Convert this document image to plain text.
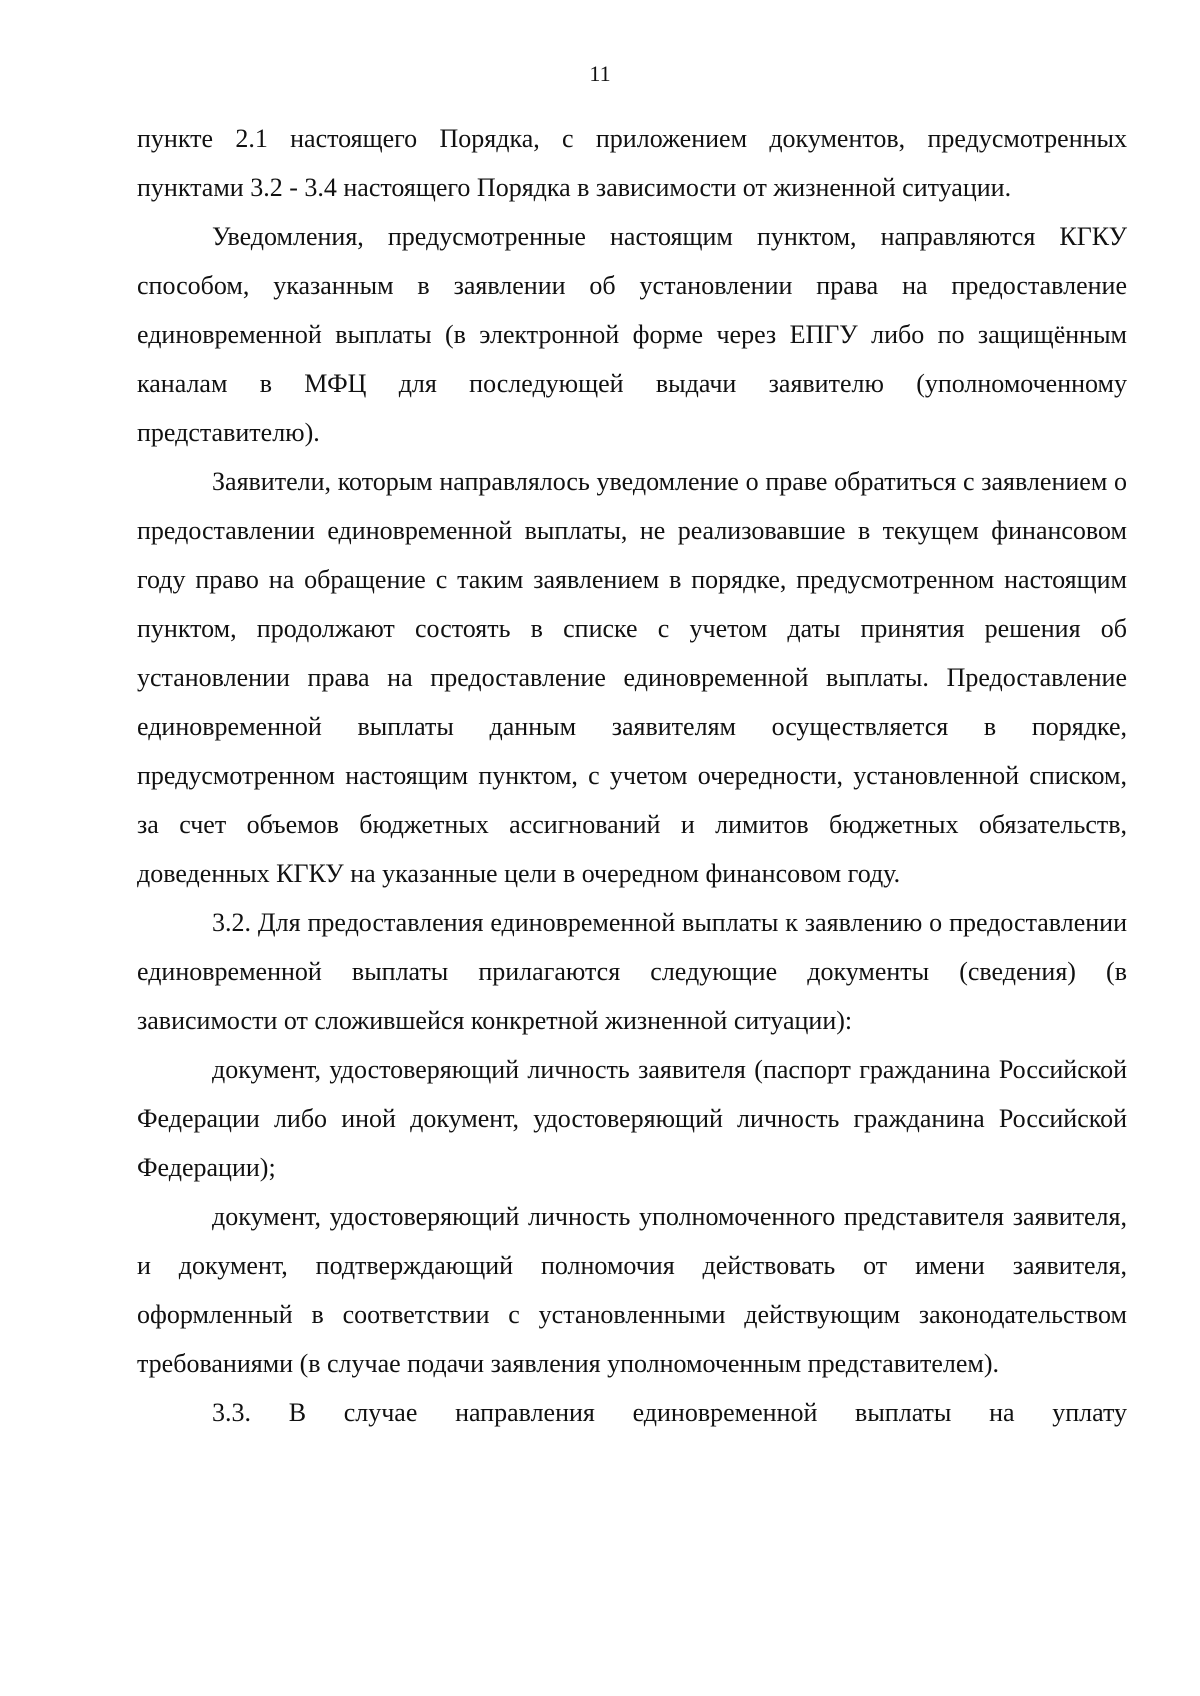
11

пункте 2.1 настоящего Порядка, с приложением документов, предусмотренных пунктами 3.2 - 3.4 настоящего Порядка в зависимости от жизненной ситуации.

Уведомления, предусмотренные настоящим пунктом, направляются КГКУ способом, указанным в заявлении об установлении права на предоставление единовременной выплаты (в электронной форме через ЕПГУ либо по защищённым каналам в МФЦ для последующей выдачи заявителю (уполномоченному представителю).

Заявители, которым направлялось уведомление о праве обратиться с заявлением о предоставлении единовременной выплаты, не реализовавшие в текущем финансовом году право на обращение с таким заявлением в порядке, предусмотренном настоящим пунктом, продолжают состоять в списке с учетом даты принятия решения об установлении права на предоставление единовременной выплаты. Предоставление единовременной выплаты данным заявителям осуществляется в порядке, предусмотренном настоящим пунктом, с учетом очередности, установленной списком, за счет объемов бюджетных ассигнований и лимитов бюджетных обязательств, доведенных КГКУ на указанные цели в очередном финансовом году.

3.2. Для предоставления единовременной выплаты к заявлению о предоставлении единовременной выплаты прилагаются следующие документы (сведения) (в зависимости от сложившейся конкретной жизненной ситуации):

документ, удостоверяющий личность заявителя (паспорт гражданина Российской Федерации либо иной документ, удостоверяющий личность гражданина Российской Федерации);

документ, удостоверяющий личность уполномоченного представителя заявителя, и документ, подтверждающий полномочия действовать от имени заявителя, оформленный в соответствии с установленными действующим законодательством требованиями (в случае подачи заявления уполномоченным представителем).

3.3. В случае направления единовременной выплаты на уплату
